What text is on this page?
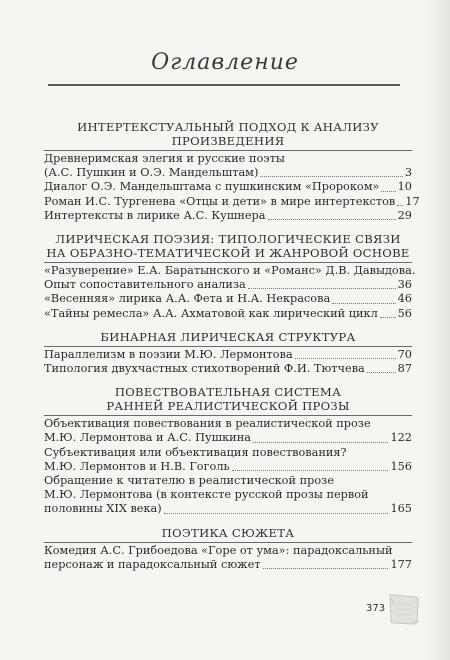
Оглавление
ИНТЕРТЕКСТУАЛЬНЫЙ ПОДХОД К АНАЛИЗУ
ПРОИЗВЕДЕНИЯ
Древнеримская элегия и русские поэты
(А.С. Пушкин и О.Э. Мандельштам)	3
Диалог О.Э. Мандельштама с пушкинским «Пророком» 10
Роман И.С. Тургенева «Отцы и дети» в мире интертекстов 17
Интертексты в лирике А.С. Кушнера	29
ЛИРИЧЕСКАЯ ПОЭЗИЯ: ТИПОЛОГИЧЕСКИЕ СВЯЗИ
НА ОБРАЗНО-ТЕМАТИЧЕСКОЙ И ЖАНРОВОЙ ОСНОВЕ
«Разуверение» Е.А. Баратынского и «Романс» Д.В. Давыдова.
Опыт сопоставительного анализа	36
«Весенняя» лирика А.А. Фета и Н.А. Некрасова	46
«Тайны ремесла» А.А. Ахматовой как лирический цикл 56
БИНАРНАЯ ЛИРИЧЕСКАЯ СТРУКТУРА
Параллелизм в поэзии М.Ю. Лермонтова	70
Типология двухчастных стихотворений Ф.И. Тютчева	87
ПОВЕСТВОВАТЕЛЬНАЯ СИСТЕМА
РАННЕЙ РЕАЛИСТИЧЕСКОЙ ПРОЗЫ
Объективация повествования в реалистической прозе
М.Ю. Лермонтова и А.С. Пушкина	122
Субъективация или объективация повествования?
М.Ю. Лермонтов и Н.В. Гоголь	156
Обращение к читателю в реалистической прозе
М.Ю. Лермонтова (в контексте русской прозы первой
половины XIX века)	165
ПОЭТИКА СЮЖЕТА
Комедия А.С. Грибоедова «Горе от ума»: парадоксальный
персонаж и парадоксальный сюжет	177
373
